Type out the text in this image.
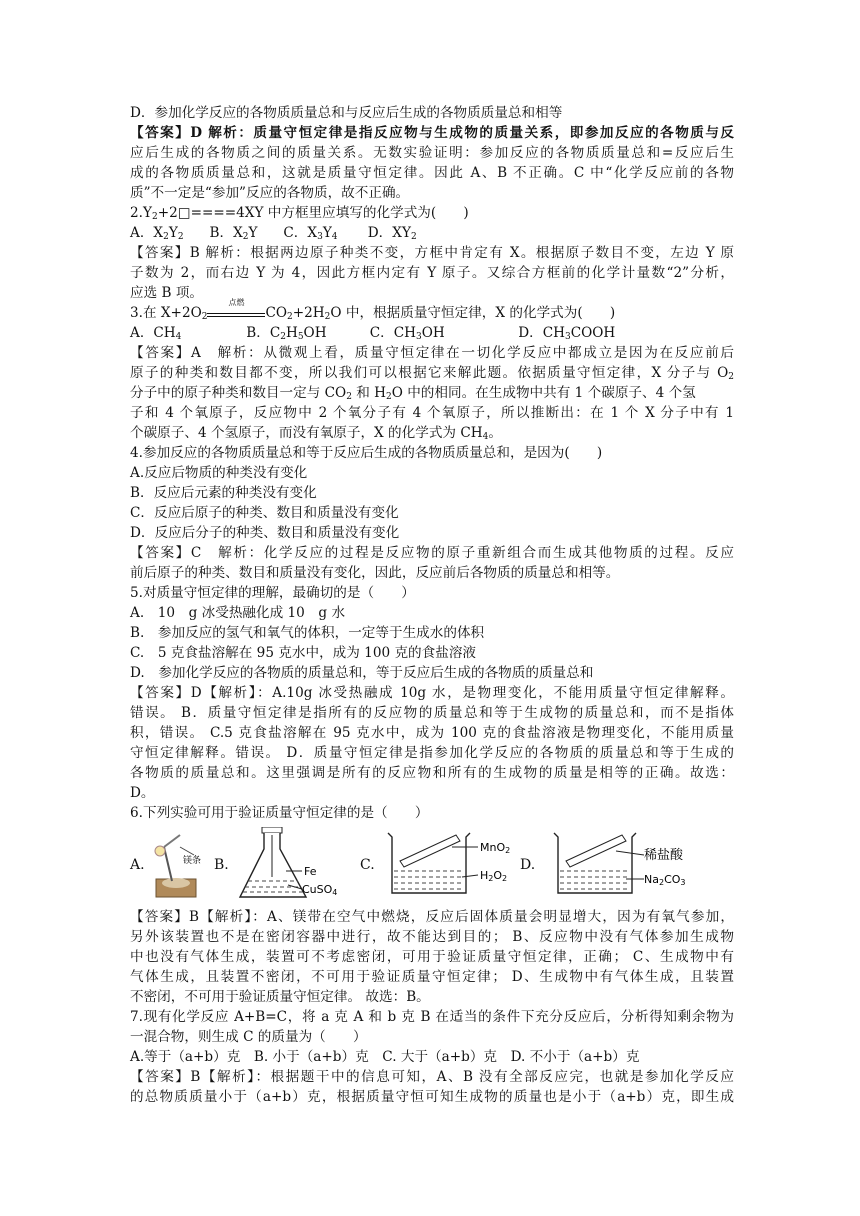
D．参加化学反应的各物质质量总和与反应后生成的各物质质量总和相等
【答案】D 解析：质量守恒定律是指反应物与生成物的质量关系，即参加反应的各物质与反
应后生成的各物质之间的质量关系。无数实验证明：参加反应的各物质质量总和=反应后生
成的各物质质量总和，这就是质量守恒定律。因此 A、B 不正确。C 中“化学反应前的各物
质”不一定是“参加”反应的各物质，故不正确。
$2.Y_2+2□====4XY$ 中方框里应填写的化学式为(　　)
A．$X_2Y_2$ B．$X_2Y$      C．$X_3Y_4$ D．$XY_2$
【答案】B 解析：根据两边原子种类不变，方框中肯定有 X。根据原子数目不变，左边 Y 原
子数为 2，而右边 Y 为 4，因此方框内定有 Y 原子。又综合方框前的化学计量数“2”分析，
应选 B 项。
3.在 $X+2O_2$
点燃
$CO_2+2H_2O$ 中，根据质量守恒定律，X 的化学式为(　　)
A．$CH_4$	B．$C_2H_5OH$          C．$CH_3OH$                 D．$CH_3COOH$
【答案】A　解析：从微观上看，质量守恒定律在一切化学反应中都成立是因为在反应前后
原子的种类和数目都不变，所以我们可以根据它来解此题。依据质量守恒定律，X 分子与 $O_2$
分子中的原子种类和数目一定与 $CO_2$ 和 $H_2O$ 中的相同。在生成物中共有 1 个碳原子、4 个氢
子和 4 个氧原子，反应物中 2 个氧分子有 4 个氧原子，所以推断出：在 1 个 X 分子中有 1
个碳原子、4 个氢原子，而没有氧原子，X 的化学式为 $CH_4$。
4.参加反应的各物质质量总和等于反应后生成的各物质质量总和，是因为(　　)
A.反应后物质的种类没有变化
B．反应后元素的种类没有变化
C．反应后原子的种类、数目和质量没有变化
D．反应后分子的种类、数目和质量没有变化
【答案】C　解析：化学反应的过程是反应物的原子重新组合而生成其他物质的过程。反应
前后原子的种类、数目和质量没有变化，因此，反应前后各物质的质量总和相等。
5.对质量守恒定律的理解，最确切的是（　　）
A.　10　g 冰受热融化成 10　g 水
B.　参加反应的氢气和氧气的体积，一定等于生成水的体积
C.　5 克食盐溶解在 95 克水中，成为 100 克的食盐溶液
D.　参加化学反应的各物质的质量总和，等于反应后生成的各物质的质量总和
【答案】D【解析】：A.10g 冰受热融成 10g 水，是物理变化，不能用质量守恒定律解释。
错误。 B．质量守恒定律是指所有的反应物的质量总和等于生成物的质量总和，而不是指体
积，错误。 C.5 克食盐溶解在 95 克水中，成为 100 克的食盐溶液是物理变化，不能用质量
守恒定律解释。错误。 D．质量守恒定律是指参加化学反应的各物质的质量总和等于生成的
各物质的质量总和。这里强调是所有的反应物和所有的生成物的质量是相等的正确。故选：
D。
6.下列实验可用于验证质量守恒定律的是（　　）
A.	镁条 B.	Fe
CuSO4
C.
MnO2
H2O2
D.
稀盐酸
Na2CO3
【答案】B【解析】：A、镁带在空气中燃烧，反应后固体质量会明显增大，因为有氧气参加，
另外该装置也不是在密闭容器中进行，故不能达到目的； B、反应物中没有气体参加生成物
中也没有气体生成，装置可不考虑密闭，可用于验证质量守恒定律，正确； C、生成物中有
气体生成，且装置不密闭，不可用于验证质量守恒定律； D、生成物中有气体生成，且装置
不密闭，不可用于验证质量守恒定律。 故选：B。
7.现有化学反应 A+B=C，将 a 克 A 和 b 克 B 在适当的条件下充分反应后，分析得知剩余物为
一混合物，则生成 C 的质量为（　　）
A.等于（a+b）克　B. 小于（a+b）克　C. 大于（a+b）克　D. 不小于（a+b）克
【答案】B【解析】：根据题干中的信息可知，A、B 没有全部反应完，也就是参加化学反应
的总物质质量小于（a+b）克，根据质量守恒可知生成物的质量也是小于（a+b）克，即生成
